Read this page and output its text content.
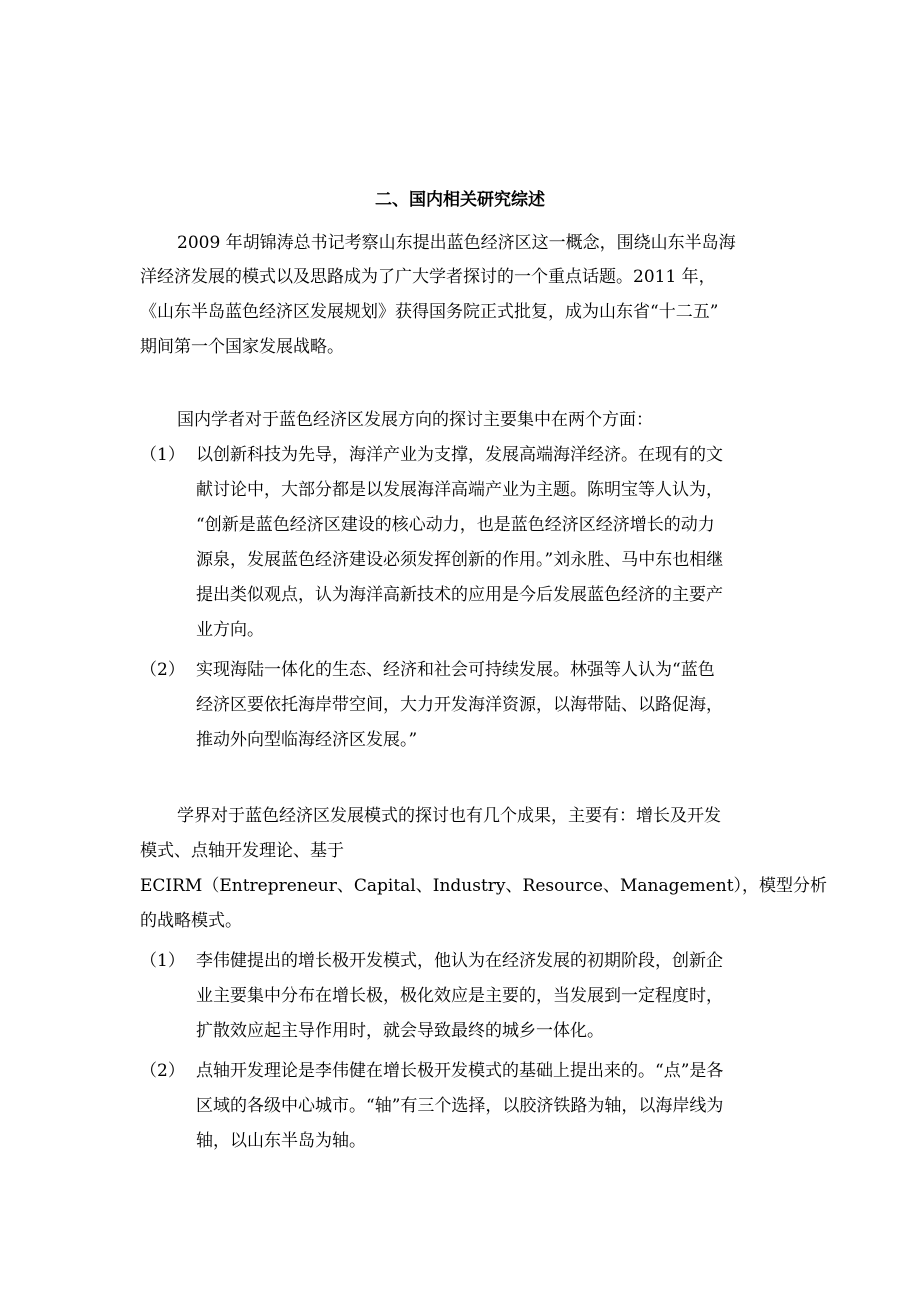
二、国内相关研究综述
2009 年胡锦涛总书记考察山东提出蓝色经济区这一概念，围绕山东半岛海
洋经济发展的模式以及思路成为了广大学者探讨的一个重点话题。2011 年，
《山东半岛蓝色经济区发展规划》获得国务院正式批复，成为山东省“十二五”
期间第一个国家发展战略。
国内学者对于蓝色经济区发展方向的探讨主要集中在两个方面：
（1） 以创新科技为先导，海洋产业为支撑，发展高端海洋经济。在现有的文
献讨论中，大部分都是以发展海洋高端产业为主题。陈明宝等人认为，
“创新是蓝色经济区建设的核心动力，也是蓝色经济区经济增长的动力
源泉，发展蓝色经济建设必须发挥创新的作用。”刘永胜、马中东也相继
提出类似观点，认为海洋高新技术的应用是今后发展蓝色经济的主要产
业方向。
（2） 实现海陆一体化的生态、经济和社会可持续发展。林强等人认为“蓝色
经济区要依托海岸带空间，大力开发海洋资源，以海带陆、以路促海，
推动外向型临海经济区发展。”
学界对于蓝色经济区发展模式的探讨也有几个成果，主要有：增长及开发
模式、点轴开发理论、基于
ECIRM（Entrepreneur、Capital、Industry、Resource、Management），模型分析
的战略模式。
（1） 李伟健提出的增长极开发模式，他认为在经济发展的初期阶段，创新企
业主要集中分布在增长极，极化效应是主要的，当发展到一定程度时，
扩散效应起主导作用时，就会导致最终的城乡一体化。
（2） 点轴开发理论是李伟健在增长极开发模式的基础上提出来的。“点”是各
区域的各级中心城市。“轴”有三个选择，以胶济铁路为轴，以海岸线为
轴，以山东半岛为轴。
